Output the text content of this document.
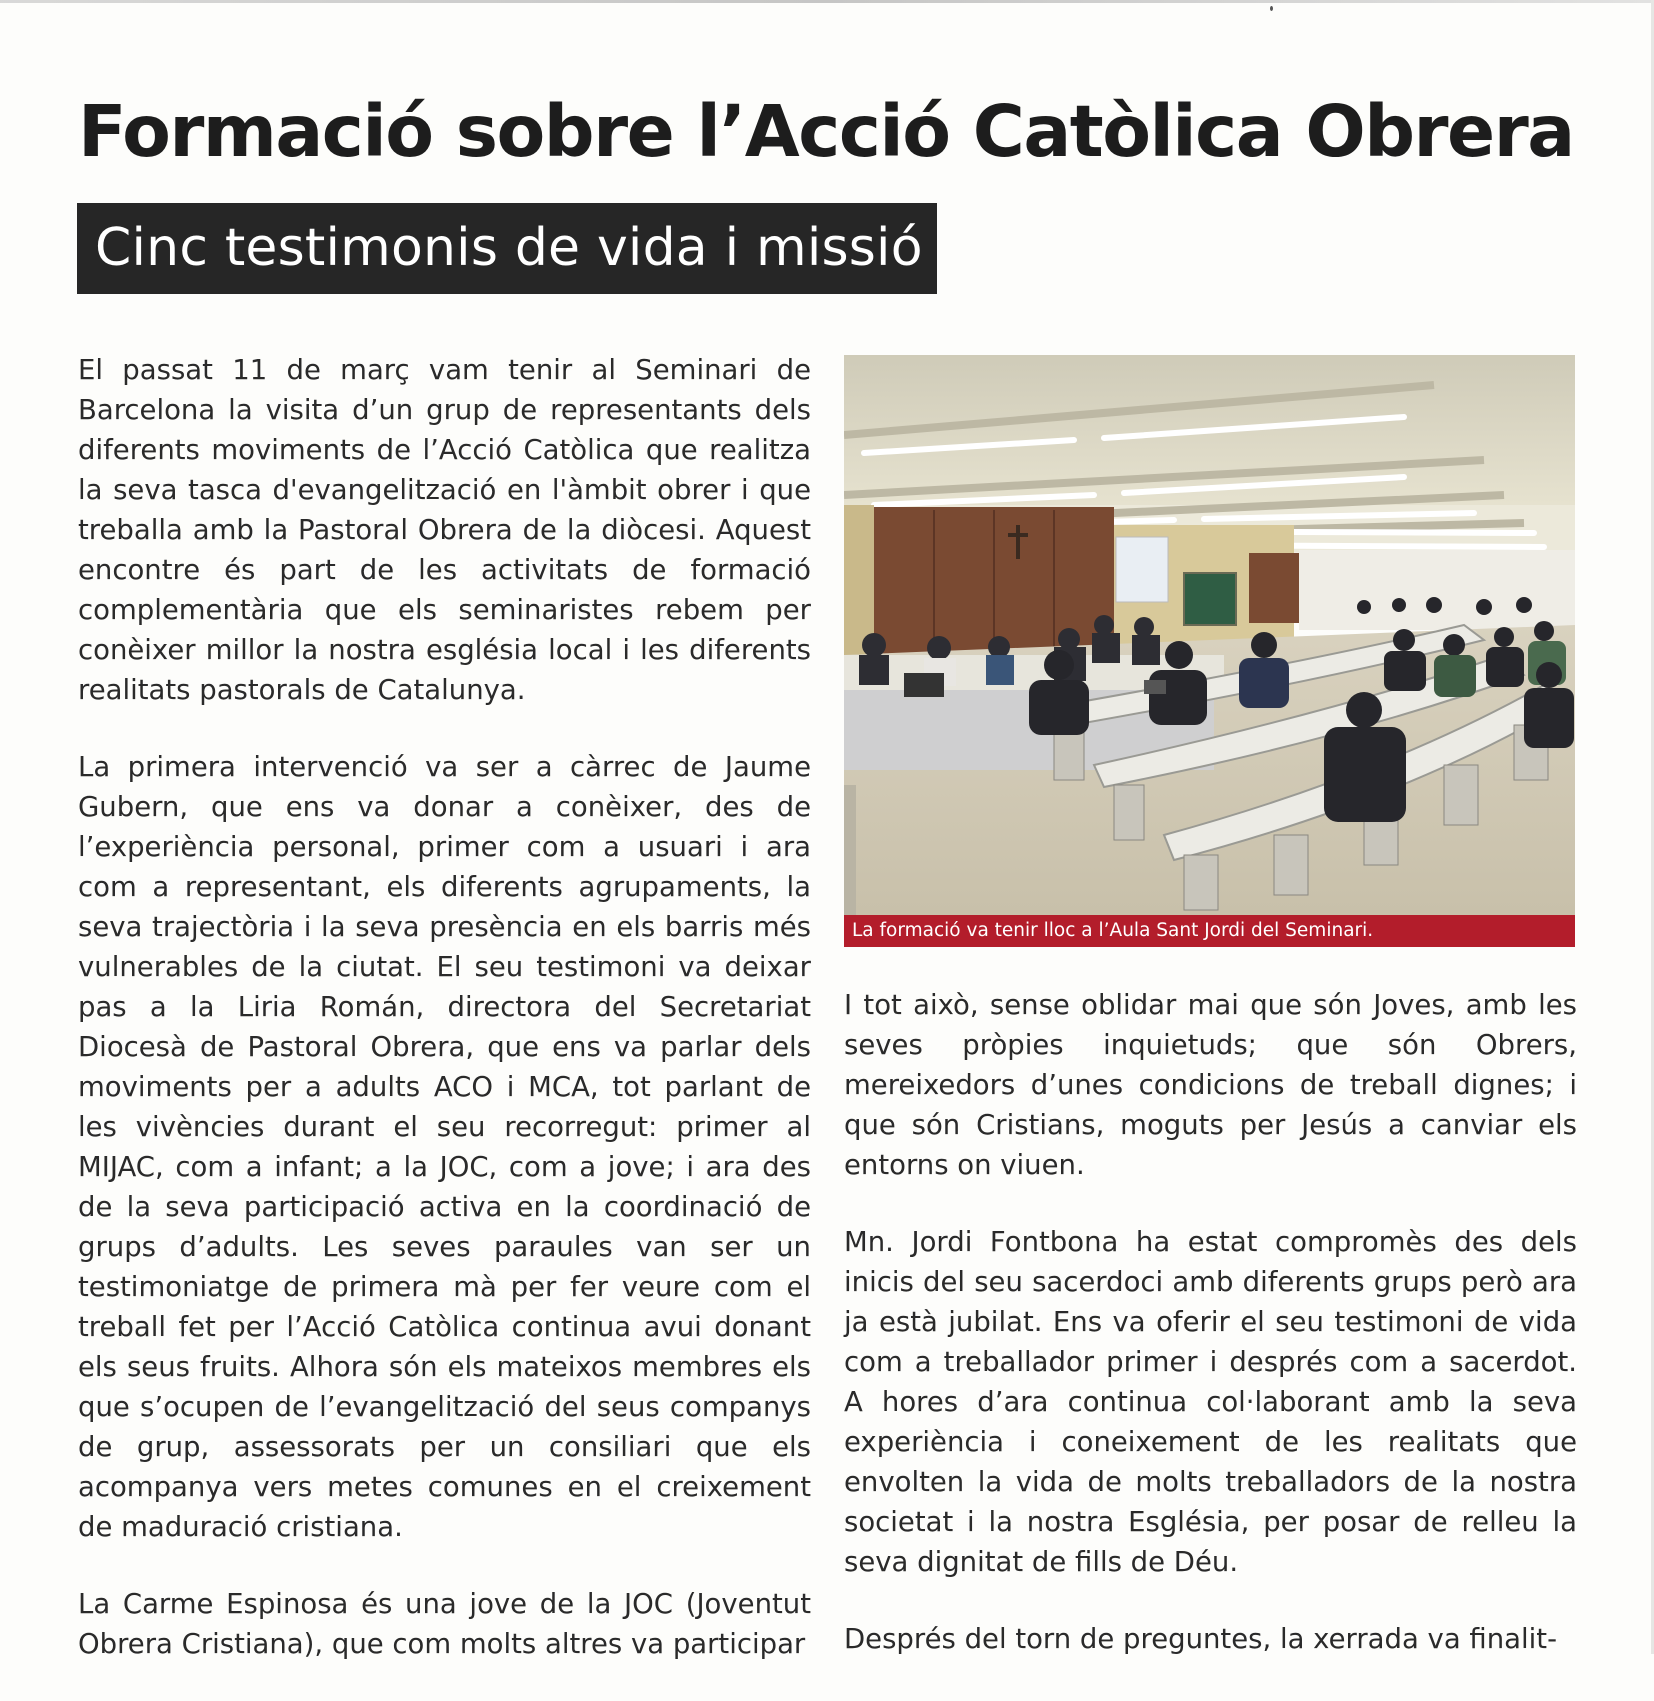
Formació sobre l’Acció Catòlica Obrera
Cinc testimonis de vida i missió

El passat 11 de març vam tenir al Seminari de Barcelona la visita d’un grup de representants dels diferents moviments de l’Acció Catòlica que realitza la seva tasca d'evangelització en l'àmbit obrer i que treballa amb la Pastoral Obrera de la diòcesi. Aquest encontre és part de les activitats de formació complementària que els seminaristes rebem per conèixer millor la nostra església local i les diferents realitats pastorals de Catalunya.

La primera intervenció va ser a càrrec de Jaume Gubern, que ens va donar a conèixer, des de l’experiència personal, primer com a usuari i ara com a representant, els diferents agrupaments, la seva trajectòria i la seva presència en els barris més vulnerables de la ciutat. El seu testimoni va deixar pas a la Liria Román, directora del Secretariat Diocesà de Pastoral Obrera, que ens va parlar dels moviments per a adults ACO i MCA, tot parlant de les vivències durant el seu recorregut: primer al MIJAC, com a infant; a la JOC, com a jove; i ara des de la seva participació activa en la coordinació de grups d’adults. Les seves paraules van ser un testimoniatge de primera mà per fer veure com el treball fet per l’Acció Catòlica continua avui donant els seus fruits. Alhora són els mateixos membres els que s’ocupen de l’evangelització del seus companys de grup, assessorats per un consiliari que els acompanya vers metes comunes en el creixement de maduració cristiana.

La Carme Espinosa és una jove de la JOC (Joventut Obrera Cristiana), que com molts altres va participar

La formació va tenir lloc a l’Aula Sant Jordi del Seminari.

I tot això, sense oblidar mai que són Joves, amb les seves pròpies inquietuds; que són Obrers, mereixedors d’unes condicions de treball dignes; i que són Cristians, moguts per Jesús a canviar els entorns on viuen.

Mn. Jordi Fontbona ha estat compromès des dels inicis del seu sacerdoci amb diferents grups però ara ja està jubilat. Ens va oferir el seu testimoni de vida com a treballador primer i després com a sacerdot. A hores d’ara continua col·laborant amb la seva experiència i coneixement de les realitats que envolten la vida de molts treballadors de la nostra societat i la nostra Església, per posar de relleu la seva dignitat de fills de Déu.

Després del torn de preguntes, la xerrada va finalit-
